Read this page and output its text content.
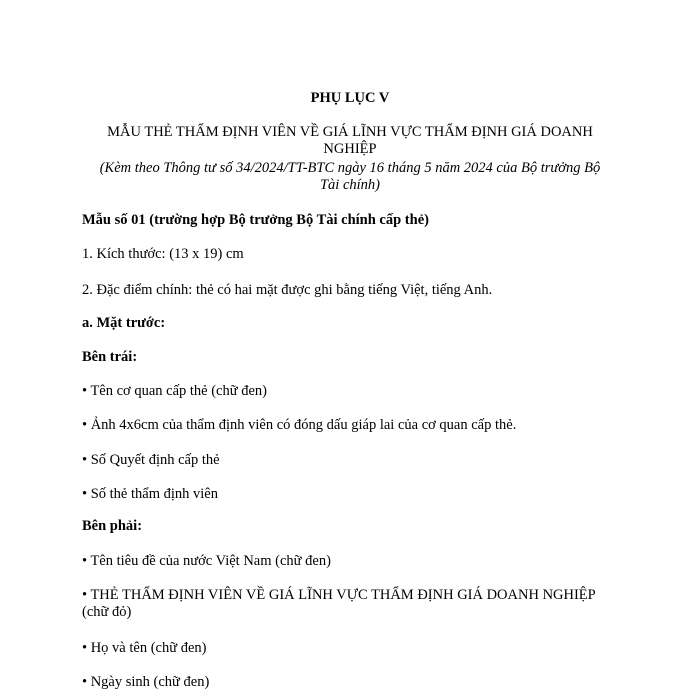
PHỤ LỤC V
MẪU THẺ THẨM ĐỊNH VIÊN VỀ GIÁ LĨNH VỰC THẨM ĐỊNH GIÁ DOANH NGHIỆP
(Kèm theo Thông tư số 34/2024/TT-BTC ngày 16 tháng 5 năm 2024 của Bộ trưởng Bộ Tài chính)
Mẫu số 01 (trường hợp Bộ trưởng Bộ Tài chính cấp thẻ)
1. Kích thước: (13 x 19) cm
2. Đặc điểm chính: thẻ có hai mặt được ghi bằng tiếng Việt, tiếng Anh.
a. Mặt trước:
Bên trái:
• Tên cơ quan cấp thẻ (chữ đen)
• Ảnh 4x6cm của thẩm định viên có đóng dấu giáp lai của cơ quan cấp thẻ.
• Số Quyết định cấp thẻ
• Số thẻ thẩm định viên
Bên phải:
• Tên tiêu đề của nước Việt Nam (chữ đen)
• THẺ THẨM ĐỊNH VIÊN VỀ GIÁ LĨNH VỰC THẨM ĐỊNH GIÁ DOANH NGHIỆP (chữ đỏ)
• Họ và tên (chữ đen)
• Ngày sinh (chữ đen)
